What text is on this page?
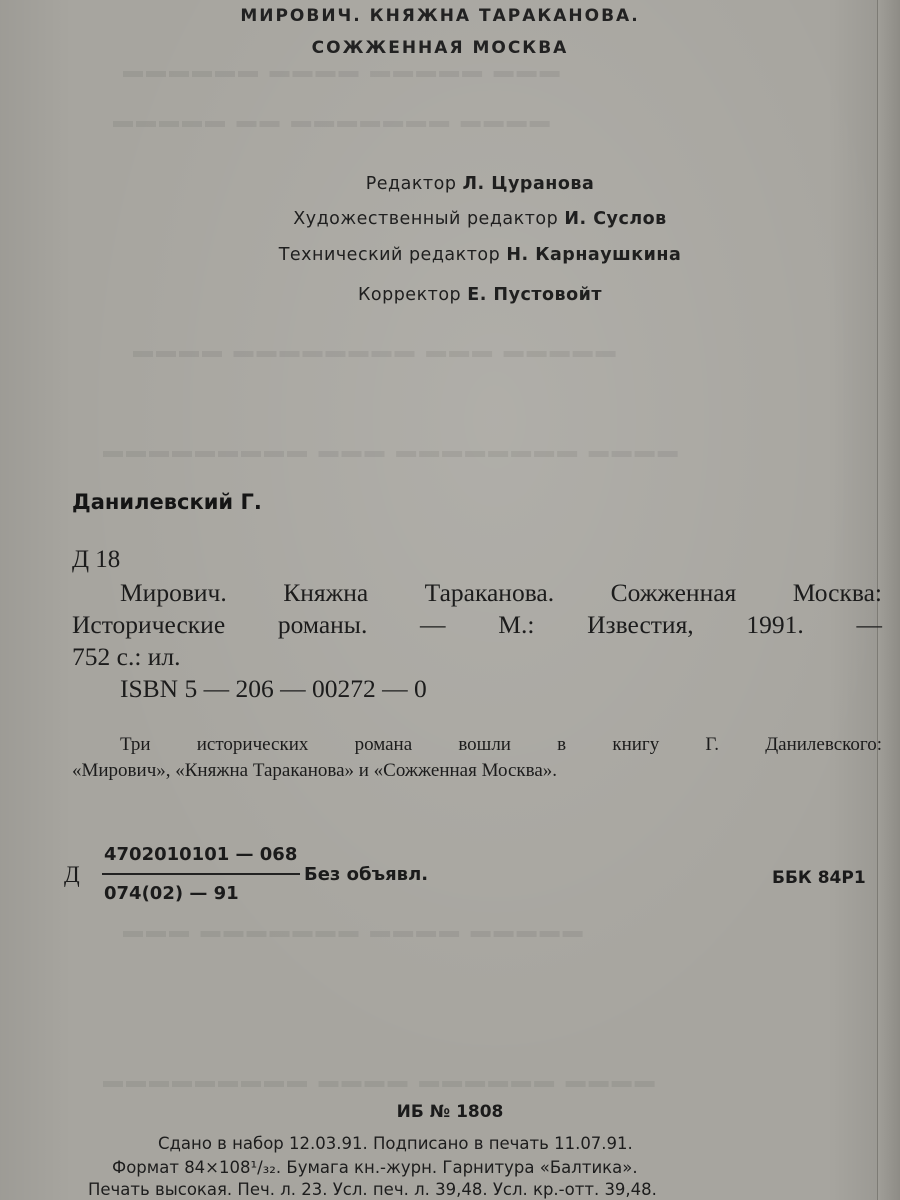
▬▬▬ ▬▬▬▬▬ ▬▬▬▬ ▬▬▬▬▬▬
▬▬▬▬ ▬▬▬▬▬▬▬ ▬▬ ▬▬▬▬▬
▬▬▬▬▬ ▬▬▬ ▬▬▬▬▬▬▬▬ ▬▬▬▬
▬▬▬▬ ▬▬▬▬▬▬▬▬ ▬▬▬ ▬▬▬▬▬▬▬▬▬
▬▬▬▬▬ ▬▬▬▬ ▬▬▬▬▬▬▬ ▬▬▬
▬▬▬▬ ▬▬▬▬▬▬ ▬▬▬▬ ▬▬▬▬▬▬▬▬▬

МИРОВИЧ. КНЯЖНА ТАРАКАНОВА.

СОЖЖЕННАЯ МОСКВА

Редактор Л. Цуранова

Художественный редактор И. Суслов

Технический редактор Н. Карнаушкина

Корректор Е. Пустовойт

Данилевский Г.

Д 18

Мирович. Княжна Тараканова. Сожженная Москва:

Исторические романы. — М.: Известия, 1991. —

752 с.: ил.

ISBN 5 — 206 — 00272 — 0

Три исторических романа вошли в книгу Г. Данилевского:

«Мирович», «Княжна Тараканова» и «Сожженная Москва».

Д

4702010101 — 068

074(02) — 91

Без объявл.	ББК 84Р1

ИБ № 1808

Сдано в набор 12.03.91. Подписано в печать 11.07.91.

Формат 84×108¹/₃₂. Бумага кн.-журн. Гарнитура «Балтика».

Печать высокая. Печ. л. 23. Усл. печ. л. 39,48. Усл. кр.-отт. 39,48.
